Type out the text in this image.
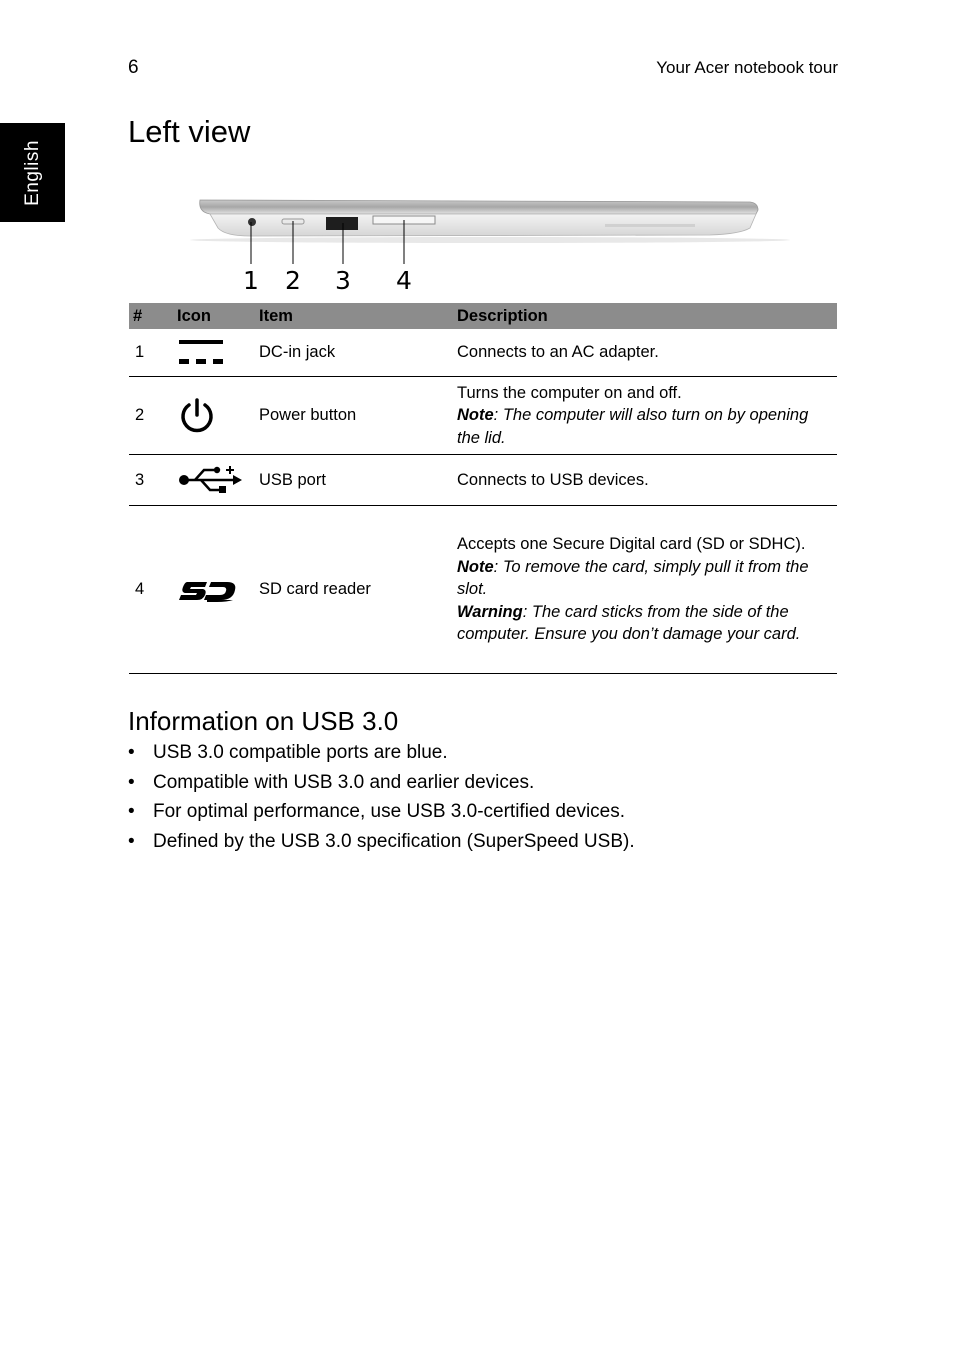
6	Your Acer notebook tour
English
Left view
1 2 3 4
#	Icon	Item	Description
1		DC-in jack	Connects to an AC adapter.
2		Power button	Turns the computer on and off.
Note: The computer will also turn on by opening the lid.

3		USB port	Connects to USB devices.
4		SD card reader	Accepts one Secure Digital card (SD or SDHC).
Note: To remove the card, simply pull it from the slot.
Warning: The card sticks from the side of the computer. Ensure you don’t damage your card.
Information on USB 3.0
• USB 3.0 compatible ports are blue.
• Compatible with USB 3.0 and earlier devices.
• For optimal performance, use USB 3.0-certified devices.
• Defined by the USB 3.0 specification (SuperSpeed USB).
